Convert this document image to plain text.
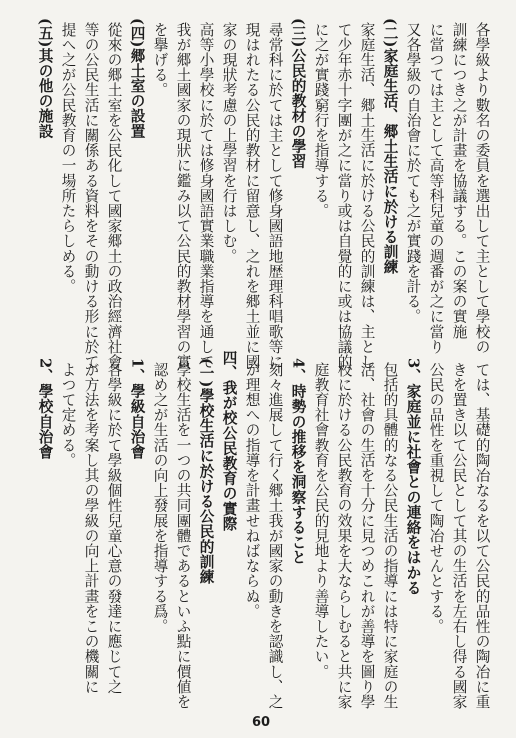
各學級より數名の委員を選出して主として學校の
訓練につき之が計畫を協議する。この案の實施
に當つては主として高等科兒童の週番が之に當り
又各學級の自治會に於ても之が實踐を計る。
(二)家庭生活、郷土生活に於ける訓練
家庭生活、郷土生活に於ける公民的訓練は、主とし
て少年赤十字團が之に當り或は自覺的に或は協議的
に之が實踐窮行を指導する。
(三)公民的教材の學習
尋常科に於ては主として修身國語地歴理科唱歌等に
現はれたる公民的教材に留意し、之れを郷土並に國
家の現狀考慮の上學習を行はしむ。
高等小學校に於ては修身國語實業職業指導を通して
我が郷土國家の現狀に鑑み以て公民的教材學習の實
を擧げる。
(四)郷土室の設置
從來の郷土室を公民化して國家郷土の政治經濟社會
等の公民生活に關係ある資料をその動ける形に於て
提へ之が公民教育の一場所たらしめる。
(五)其の他の施設
ては、基礎的陶冶なるを以て公民的品性の陶冶に重
きを置き以て公民として其の生活を左右し得る國家
公民の品性を重視して陶冶せんとする。
3、家庭並に社會との連絡をはかる
包括的具體的なる公民生活の指導には特に家庭の生
活、社會の生活を十分に見つめこれが善導を圖り學
校に於ける公民教育の效果を大ならしむると共に家
庭教育社會教育を公民的見地より善導したい。
4、時勢の推移を洞察すること
刻々進展して行く郷土我が國家の動きを認識し、之
が理想への指導を計畫せねばならぬ。
四、我が校公民教育の實際
(一)學校生活に於ける公民的訓練
學校生活を一つの共同團體であるといふ點に價値を
認め之が生活の向上發展を指導する爲。
1、學級自治會
各學級に於て學級個性兒童心意の發達に應じて之
が方法を考案し其の學級の向上計畫をこの機關に
よつて定める。
2、學校自治會
60
